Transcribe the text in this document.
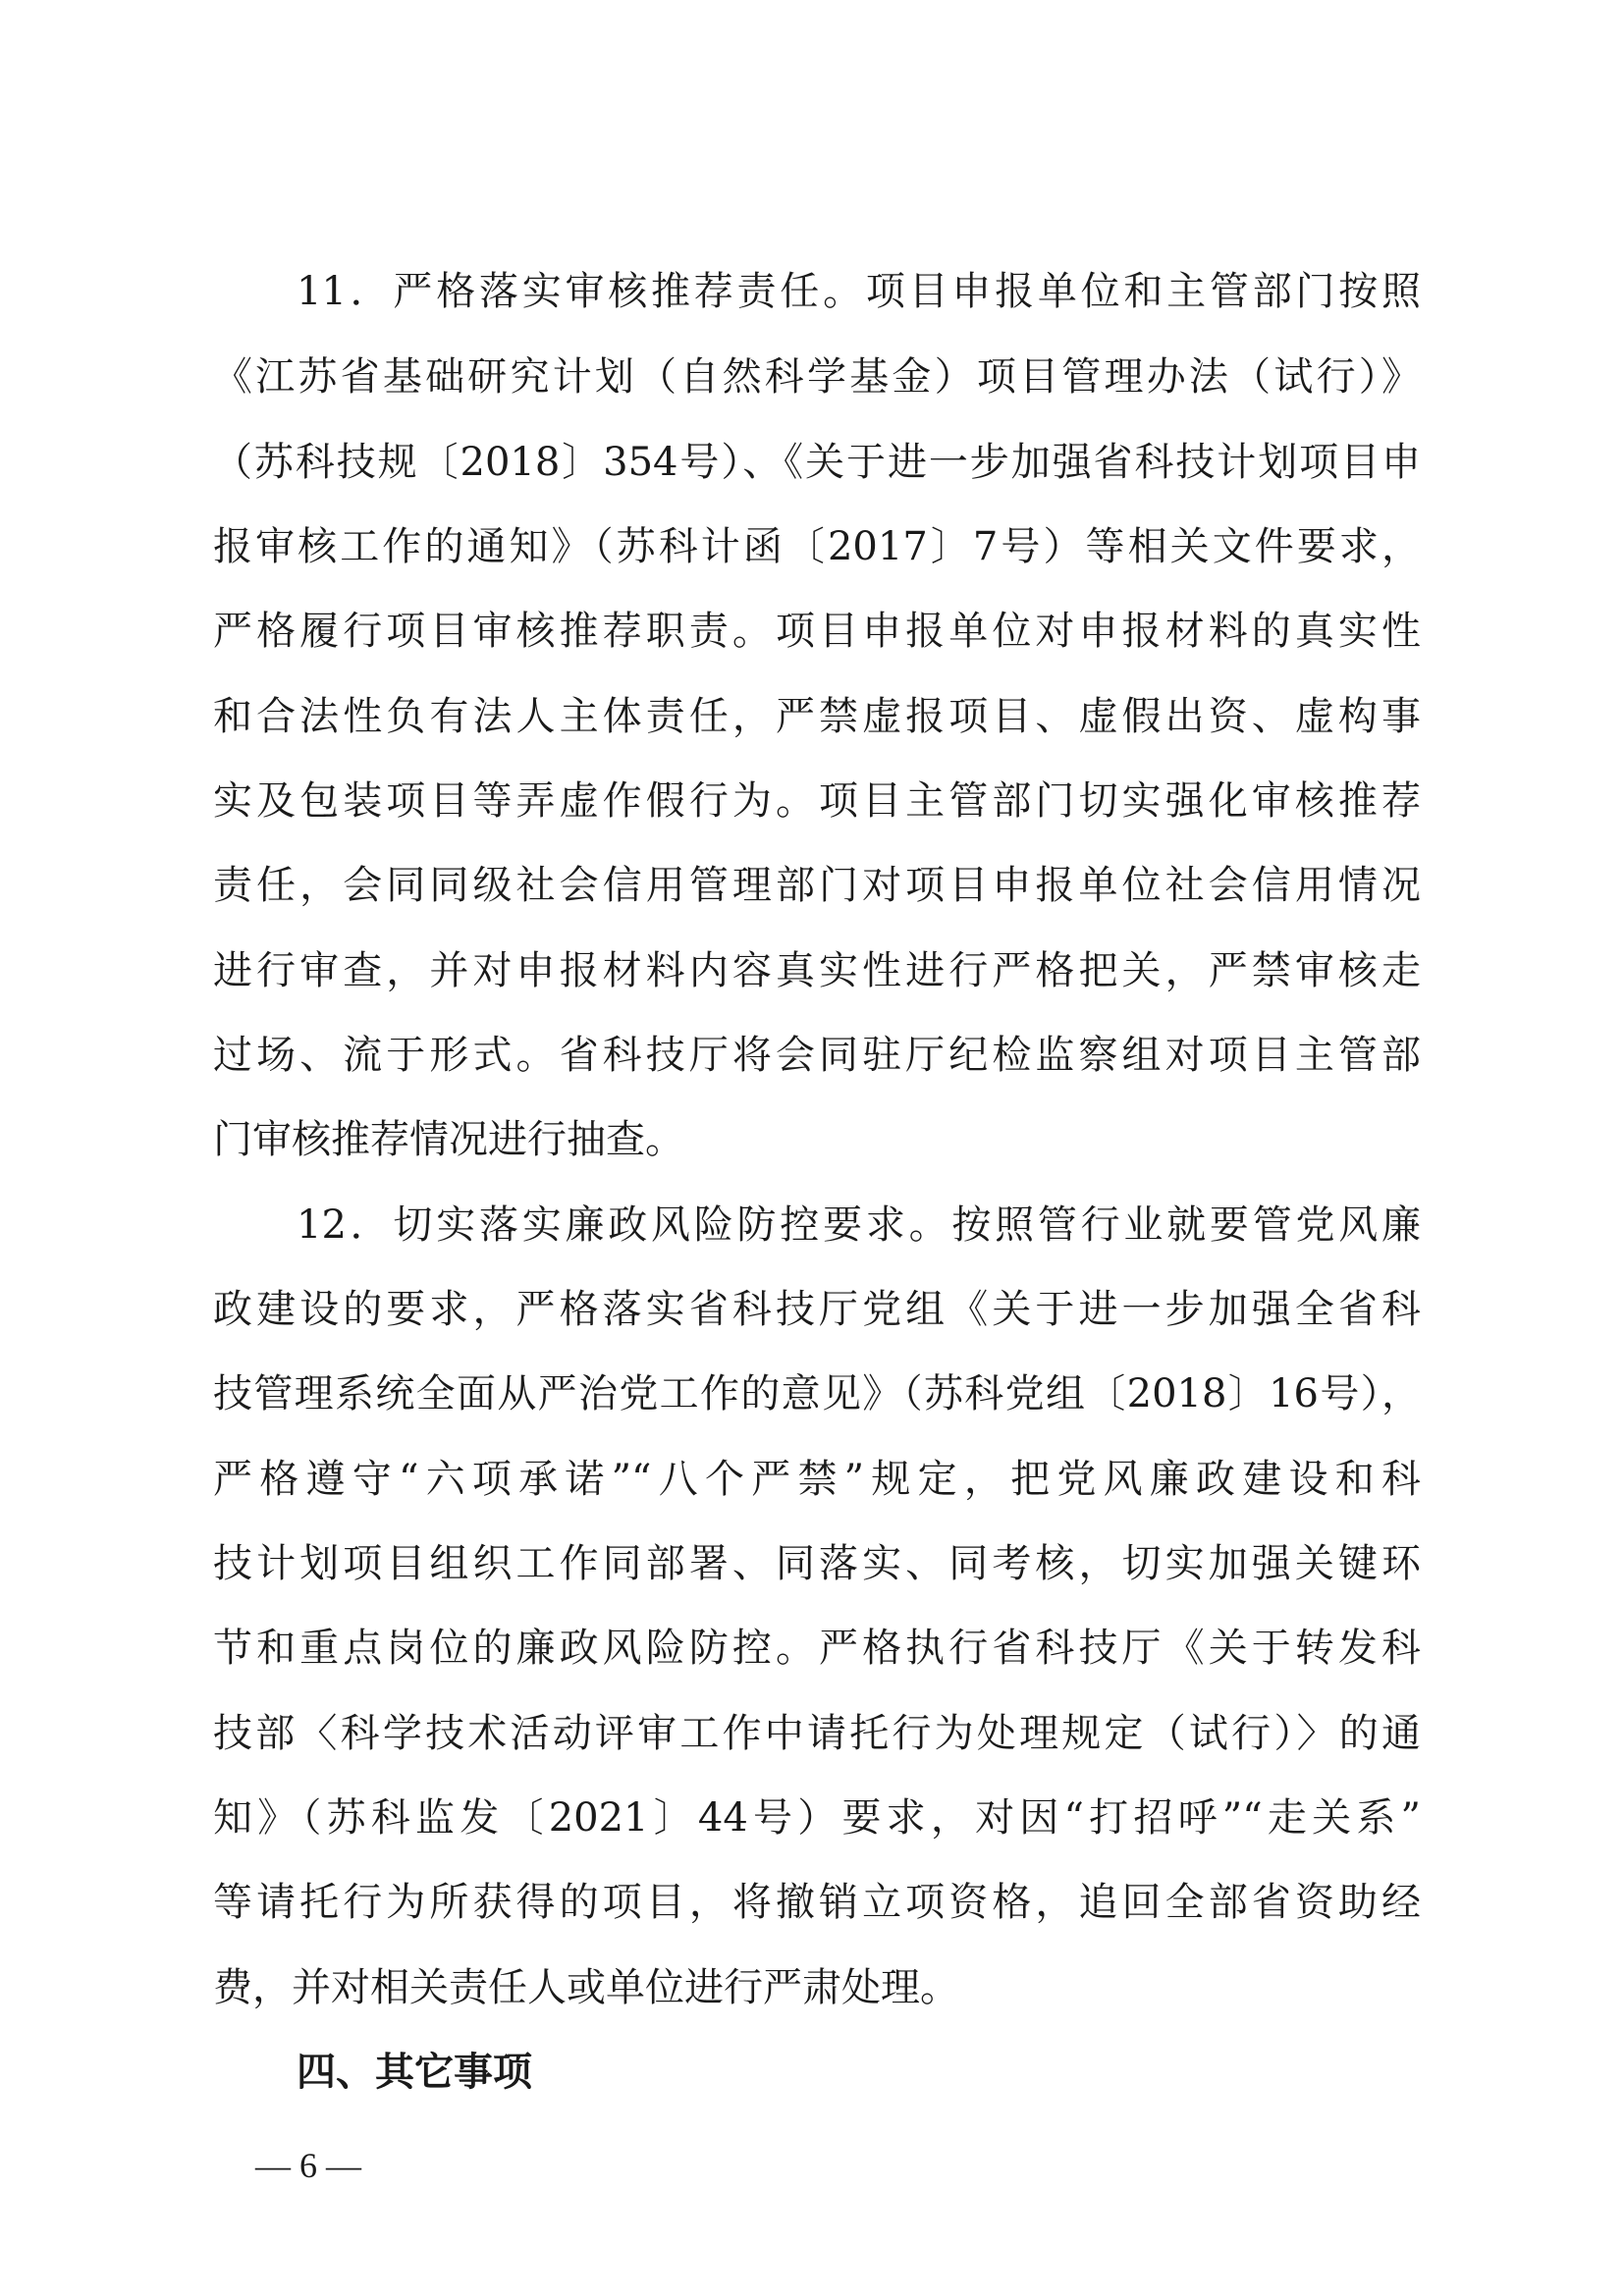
11．严格落实审核推荐责任。项目申报单位和主管部门按照
《江苏省基础研究计划（自然科学基金）项目管理办法（试行）》
（苏科技规〔2018〕354号）、《关于进一步加强省科技计划项目申
报审核工作的通知》（苏科计函〔2017〕7号）等相关文件要求，
严格履行项目审核推荐职责。项目申报单位对申报材料的真实性
和合法性负有法人主体责任，严禁虚报项目、虚假出资、虚构事
实及包装项目等弄虚作假行为。项目主管部门切实强化审核推荐
责任，会同同级社会信用管理部门对项目申报单位社会信用情况
进行审查，并对申报材料内容真实性进行严格把关，严禁审核走
过场、流于形式。省科技厅将会同驻厅纪检监察组对项目主管部
门审核推荐情况进行抽查。
12．切实落实廉政风险防控要求。按照管行业就要管党风廉
政建设的要求，严格落实省科技厅党组《关于进一步加强全省科
技管理系统全面从严治党工作的意见》（苏科党组〔2018〕16号），
严格遵守“六项承诺”“八个严禁”规定，把党风廉政建设和科
技计划项目组织工作同部署、同落实、同考核，切实加强关键环
节和重点岗位的廉政风险防控。严格执行省科技厅《关于转发科
技部〈科学技术活动评审工作中请托行为处理规定（试行）〉的通
知》（苏科监发〔2021〕44号）要求，对因“打招呼”“走关系”
等请托行为所获得的项目，将撤销立项资格，追回全部省资助经
费，并对相关责任人或单位进行严肃处理。
四、其它事项
— 6 —
